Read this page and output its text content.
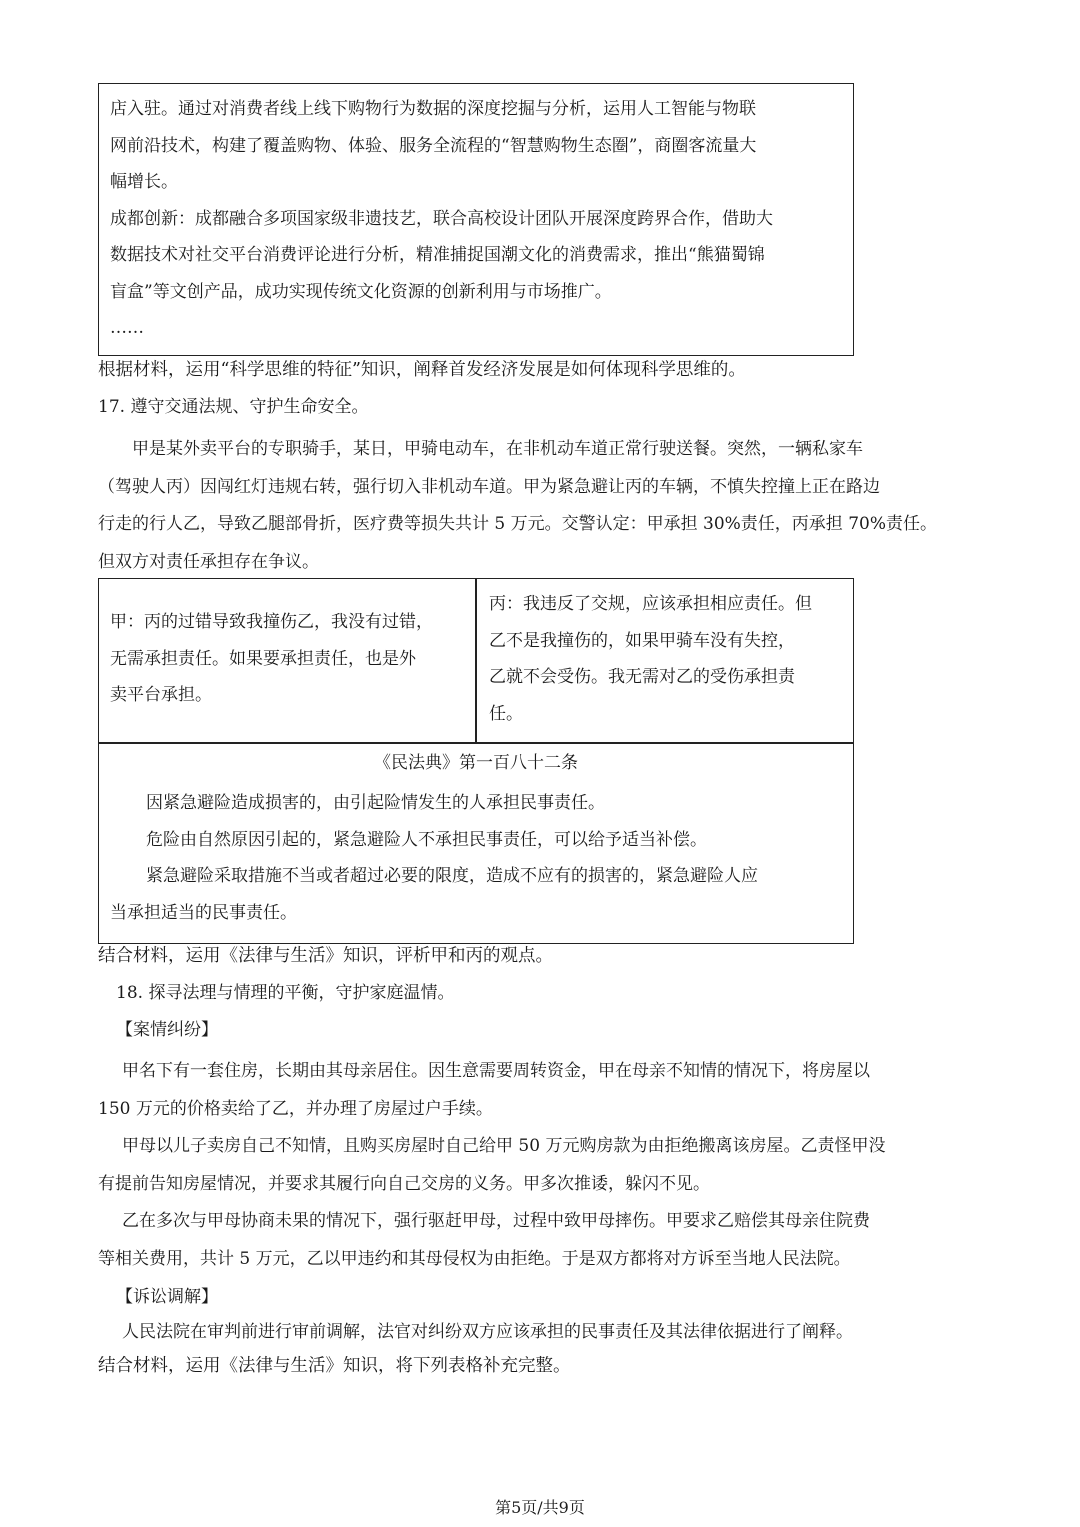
店入驻。通过对消费者线上线下购物行为数据的深度挖掘与分析，运用人工智能与物联
网前沿技术，构建了覆盖购物、体验、服务全流程的“智慧购物生态圈”，商圈客流量大
幅增长。
成都创新：成都融合多项国家级非遗技艺，联合高校设计团队开展深度跨界合作，借助大
数据技术对社交平台消费评论进行分析，精准捕捉国潮文化的消费需求，推出“熊猫蜀锦
盲盒”等文创产品，成功实现传统文化资源的创新利用与市场推广。
……
根据材料，运用“科学思维的特征”知识，阐释首发经济发展是如何体现科学思维的。
17. 遵守交通法规、守护生命安全。
甲是某外卖平台的专职骑手，某日，甲骑电动车，在非机动车道正常行驶送餐。突然，一辆私家车
（驾驶人丙）因闯红灯违规右转，强行切入非机动车道。甲为紧急避让丙的车辆，不慎失控撞上正在路边
行走的行人乙，导致乙腿部骨折，医疗费等损失共计 5 万元。交警认定：甲承担 30%责任，丙承担 70%责任。
但双方对责任承担存在争议。
甲：丙的过错导致我撞伤乙，我没有过错，
无需承担责任。如果要承担责任，也是外
卖平台承担。
丙：我违反了交规，应该承担相应责任。但
乙不是我撞伤的，如果甲骑车没有失控，
乙就不会受伤。我无需对乙的受伤承担责
任。
《民法典》第一百八十二条
因紧急避险造成损害的，由引起险情发生的人承担民事责任。
危险由自然原因引起的，紧急避险人不承担民事责任，可以给予适当补偿。
紧急避险采取措施不当或者超过必要的限度，造成不应有的损害的，紧急避险人应
当承担适当的民事责任。
结合材料，运用《法律与生活》知识，评析甲和丙的观点。
18. 探寻法理与情理的平衡，守护家庭温情。
【案情纠纷】
甲名下有一套住房，长期由其母亲居住。因生意需要周转资金，甲在母亲不知情的情况下，将房屋以
150 万元的价格卖给了乙，并办理了房屋过户手续。
甲母以儿子卖房自己不知情，且购买房屋时自己给甲 50 万元购房款为由拒绝搬离该房屋。乙责怪甲没
有提前告知房屋情况，并要求其履行向自己交房的义务。甲多次推诿，躲闪不见。
乙在多次与甲母协商未果的情况下，强行驱赶甲母，过程中致甲母摔伤。甲要求乙赔偿其母亲住院费
等相关费用，共计 5 万元，乙以甲违约和其母侵权为由拒绝。于是双方都将对方诉至当地人民法院。
【诉讼调解】
人民法院在审判前进行审前调解，法官对纠纷双方应该承担的民事责任及其法律依据进行了阐释。
结合材料，运用《法律与生活》知识，将下列表格补充完整。
第5页/共9页
